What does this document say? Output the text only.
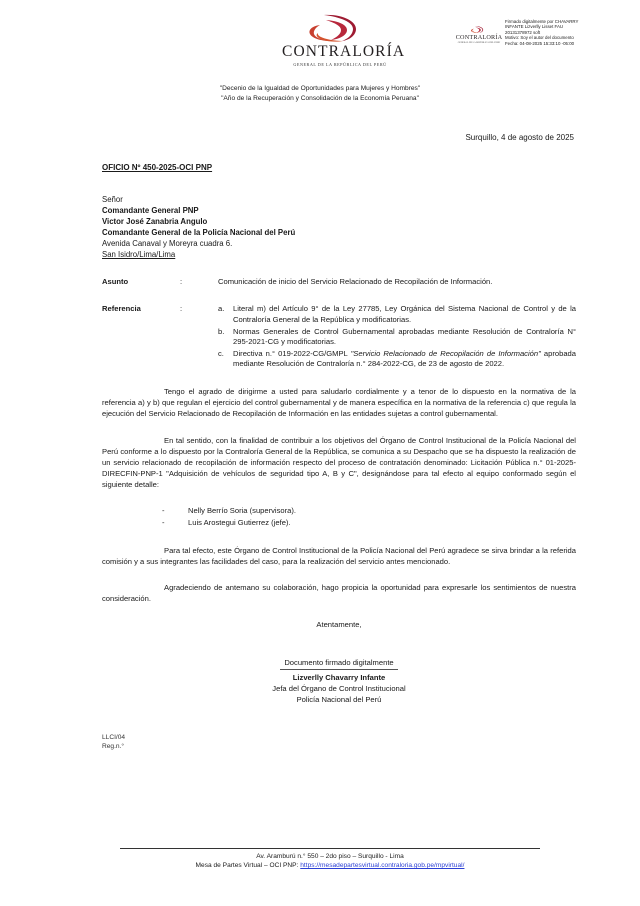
CONTRALORÍA
GENERAL DE LA REPÚBLICA DEL PERÚ
CONTRALORÍA
GENERAL DE LA REPÚBLICA DEL PERÚ
Firmado digitalmente por CHAVARRY
INFANTE Lizverlly Lisset FAU
20131378972 soft
Motivo: Soy el autor del documento
Fecha: 04-08-2025 15:33:10 -05:00
"Decenio de la Igualdad de Oportunidades para Mujeres y Hombres"
"Año de la Recuperación y Consolidación de la Economía Peruana"
Surquillo, 4 de agosto de 2025
OFICIO Nº 450-2025-OCI PNP
Señor
Comandante General PNP
Victor José Zanabria Angulo
Comandante General de la Policía Nacional del Perú
Avenida Canaval y Moreyra cuadra 6.
San Isidro/Lima/Lima
Asunto	:	Comunicación de inicio del Servicio Relacionado de Recopilación de Información.
Referencia	:	a.	Literal m) del Artículo 9° de la Ley 27785, Ley Orgánica del Sistema Nacional de Control y de la Contraloría General de la República y modificatorias.
b.	Normas Generales de Control Gubernamental aprobadas mediante Resolución de Contraloría N° 295-2021-CG y modificatorias.
c.	Directiva n.° 019-2022-CG/GMPL "Servicio Relacionado de Recopilación de Información" aprobada mediante Resolución de Contraloría n.° 284-2022-CG, de 23 de agosto de 2022.
Tengo el agrado de dirigirme a usted para saludarlo cordialmente y a tenor de lo dispuesto en la normativa de la referencia a) y b) que regulan el ejercicio del control gubernamental y de manera específica en la normativa de la referencia c) que regula la ejecución del Servicio Relacionado de Recopilación de Información en las entidades sujetas a control gubernamental.
En tal sentido, con la finalidad de contribuir a los objetivos del Órgano de Control Institucional de la Policía Nacional del Perú conforme a lo dispuesto por la Contraloría General de la República, se comunica a su Despacho que se ha dispuesto la realización de un servicio relacionado de recopilación de información respecto del proceso de contratación denominado: Licitación Pública n.° 01-2025-DIRECFIN-PNP-1 "Adquisición de vehículos de seguridad tipo A, B y C", designándose para tal efecto al equipo conformado según el siguiente detalle:
-	Nelly Berrío Soria (supervisora).
-	Luis Arostegui Gutierrez (jefe).
Para tal efecto, este Órgano de Control Institucional de la Policía Nacional del Perú agradece se sirva brindar a la referida comisión y a sus integrantes las facilidades del caso, para la realización del servicio antes mencionado.
Agradeciendo de antemano su colaboración, hago propicia la oportunidad para expresarle los sentimientos de nuestra consideración.
Atentamente,
Documento firmado digitalmente
Lizverlly Chavarry Infante
Jefa del Órgano de Control Institucional
Policía Nacional del Perú
LLCI/04
Reg.n.°
Av. Aramburú n.° 550 – 2do piso – Surquillo - Lima
Mesa de Partes Virtual – OCI PNP: https://mesadepartesvirtual.contraloria.gob.pe/mpvirtual/
